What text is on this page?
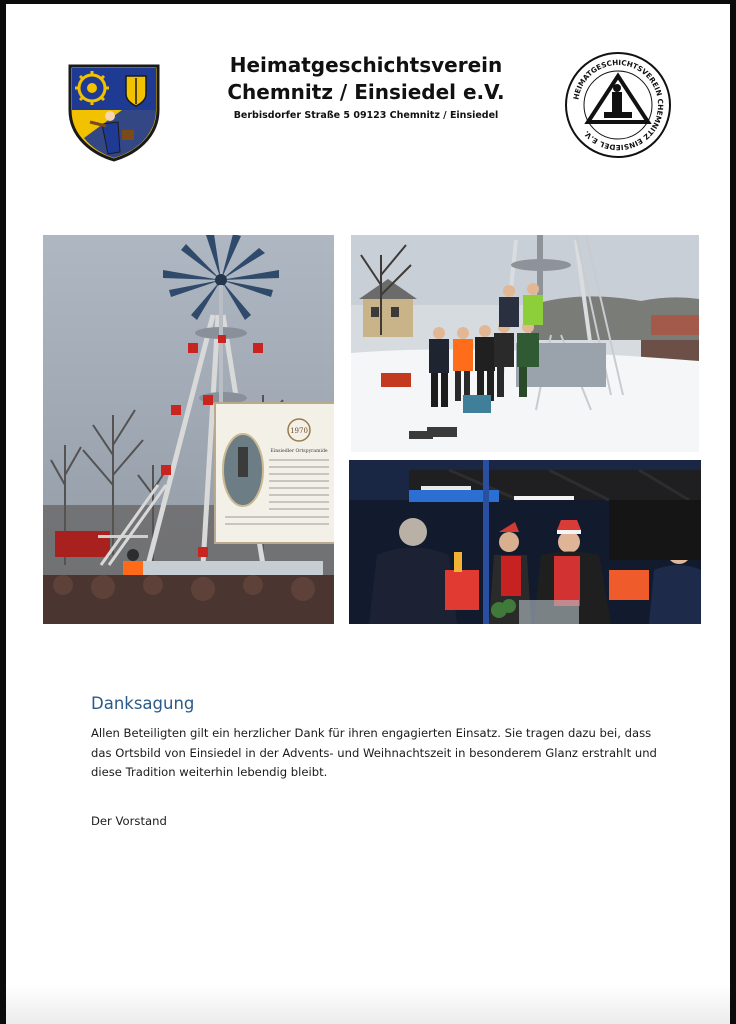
Heimatgeschichtsverein
Chemnitz / Einsiedel e.V.
Berbisdorfer Straße 5 09123 Chemnitz / Einsiedel
HEIMATGESCHICHTSVEREIN CHEMNITZ EINSIEDEL E.V.
1970
Einsiedler Ortspyramide
Danksagung
Allen Beteiligten gilt ein herzlicher Dank für ihren engagierten Einsatz. Sie tragen dazu bei, dass das Ortsbild von Einsiedel in der Advents- und Weihnachtszeit in besonderem Glanz erstrahlt und diese Tradition weiterhin lebendig bleibt.
Der Vorstand
